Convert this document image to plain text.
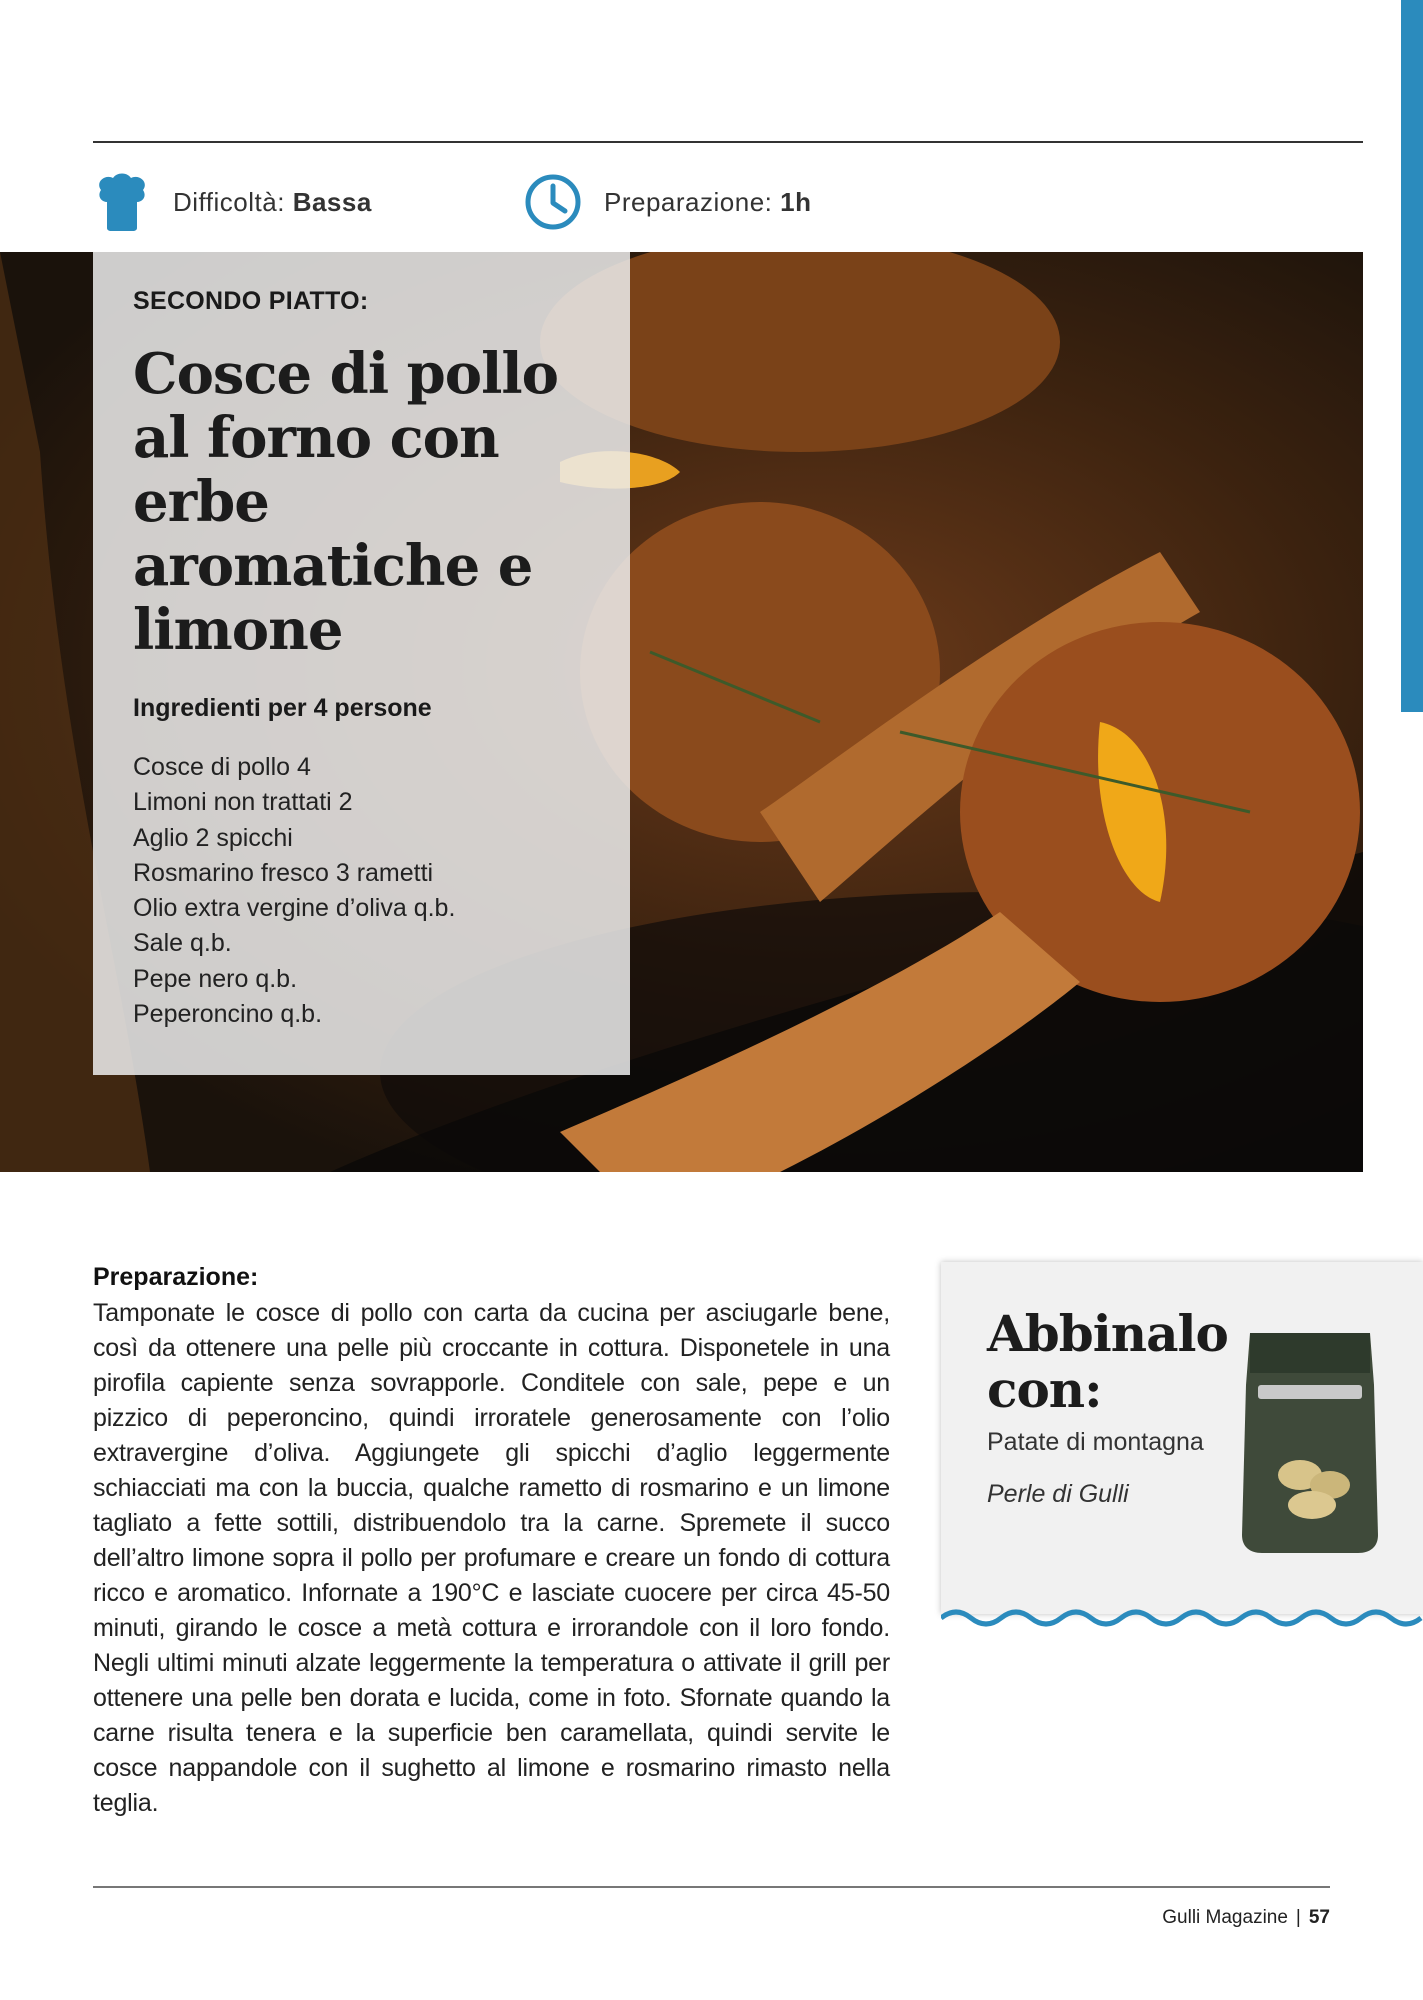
Difficoltà:
Bassa	Preparazione:
1h
SECONDO PIATTO:
Cosce di pollo al forno con erbe aromatiche e limone
Ingredienti per 4 persone
Cosce di pollo 4
Limoni non trattati 2
Aglio 2 spicchi
Rosmarino fresco 3 rametti
Olio extra vergine d’oliva q.b.
Sale q.b.
Pepe nero q.b.
Peperoncino q.b.
Preparazione:

Tamponate le cosce di pollo con carta da cucina per asciugarle bene, così da ottenere una pelle più croccante in cottura. Disponetele in una pirofila capiente senza sovrapporle. Conditele con sale, pepe e un pizzico di peperoncino, quindi irroratele generosamente con l’olio extravergine d’oliva. Aggiungete gli spicchi d’aglio leggermente schiacciati ma con la buccia, qualche rametto di rosmarino e un limone tagliato a fette sottili, distribuendolo tra la carne. Spremete il succo dell’altro limone sopra il pollo per profumare e creare un fondo di cottura ricco e aromatico. Infornate a 190°C e lasciate cuocere per circa 45-50 minuti, girando le cosce a metà cottura e irrorandole con il loro fondo. Negli ultimi minuti alzate leggermente la temperatura o attivate il grill per ottenere una pelle ben dorata e lucida, come in foto. Sfornate quando la carne risulta tenera e la superficie ben caramellata, quindi servite le cosce nappandole con il sughetto al limone e rosmarino rimasto nella teglia.

Abbinalo
con:
Patate di montagna
Perle di Gulli
Gulli Magazine | 57
